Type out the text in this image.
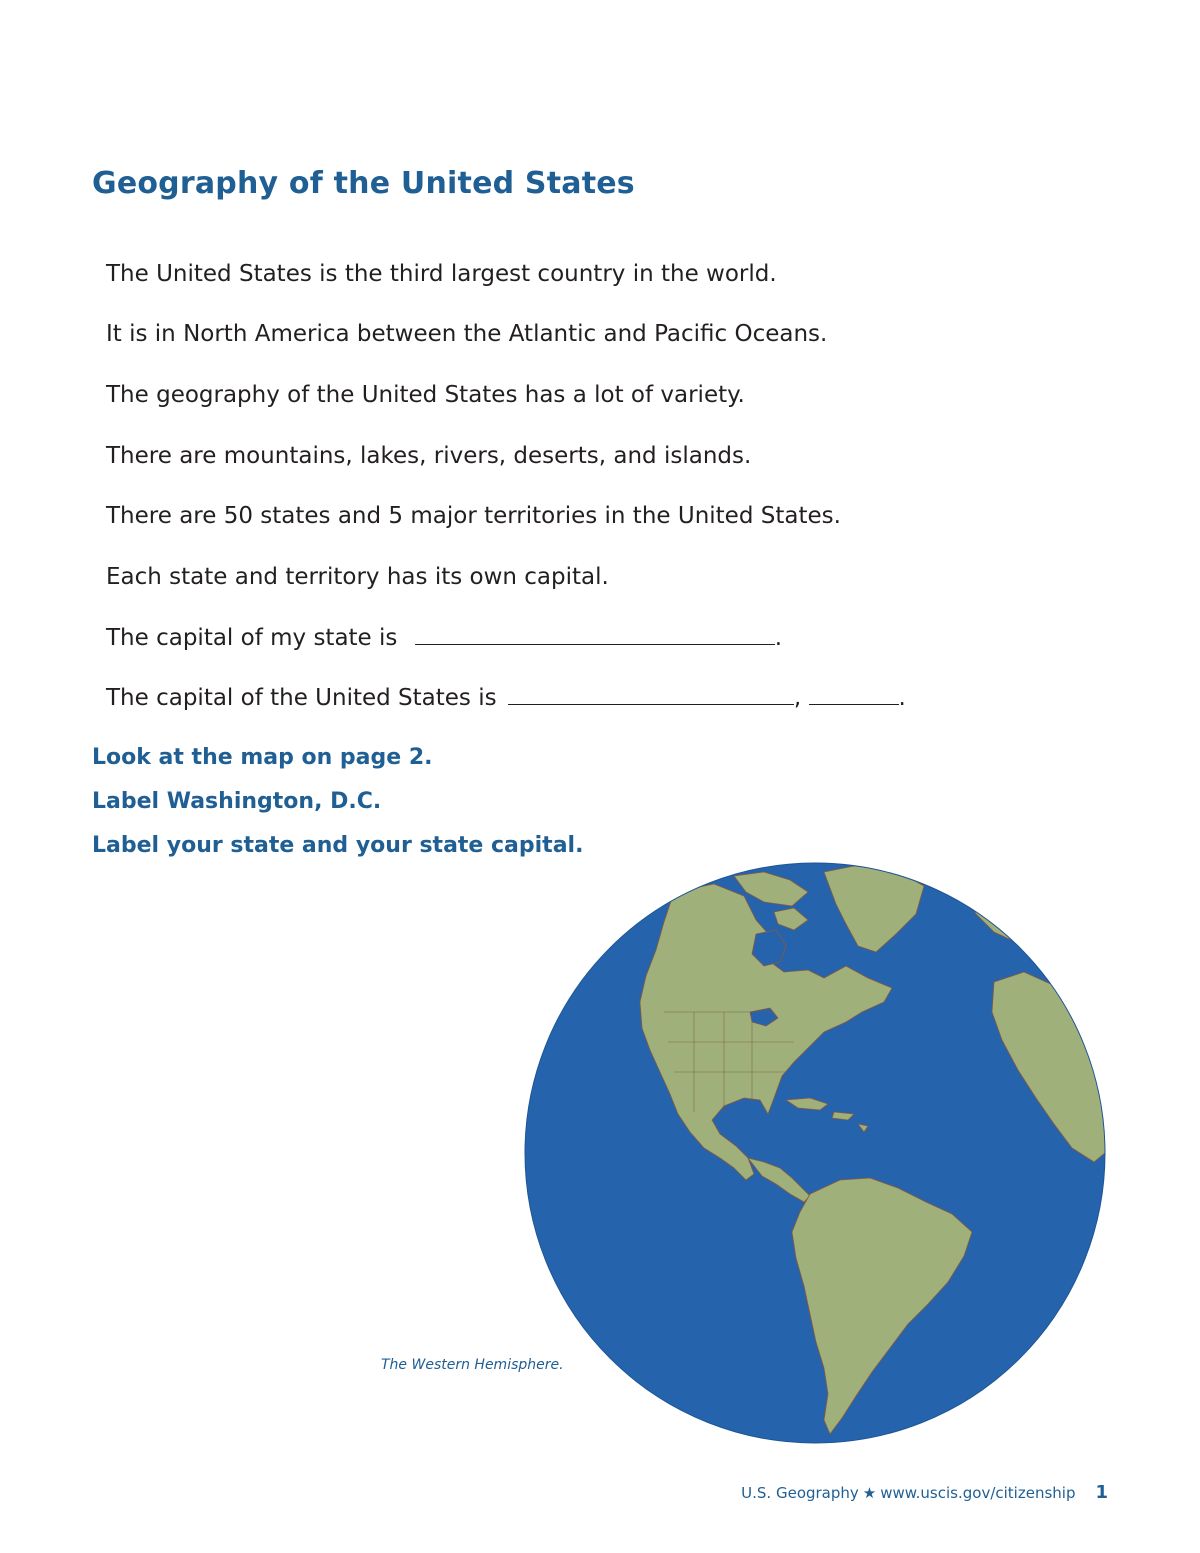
Geography of the United States

The United States is the third largest country in the world.

It is in North America between the Atlantic and Pacific Oceans.

The geography of the United States has a lot of variety.

There are mountains, lakes, rivers, deserts, and islands.

There are 50 states and 5 major territories in the United States.

Each state and territory has its own capital.

The capital of my state is	.

The capital of the United States is	,	.

Look at the map on page 2.

Label Washington, D.C.

Label your state and your state capital.

The Western Hemisphere.

U.S. Geography ★ www.uscis.gov/citizenship 1
